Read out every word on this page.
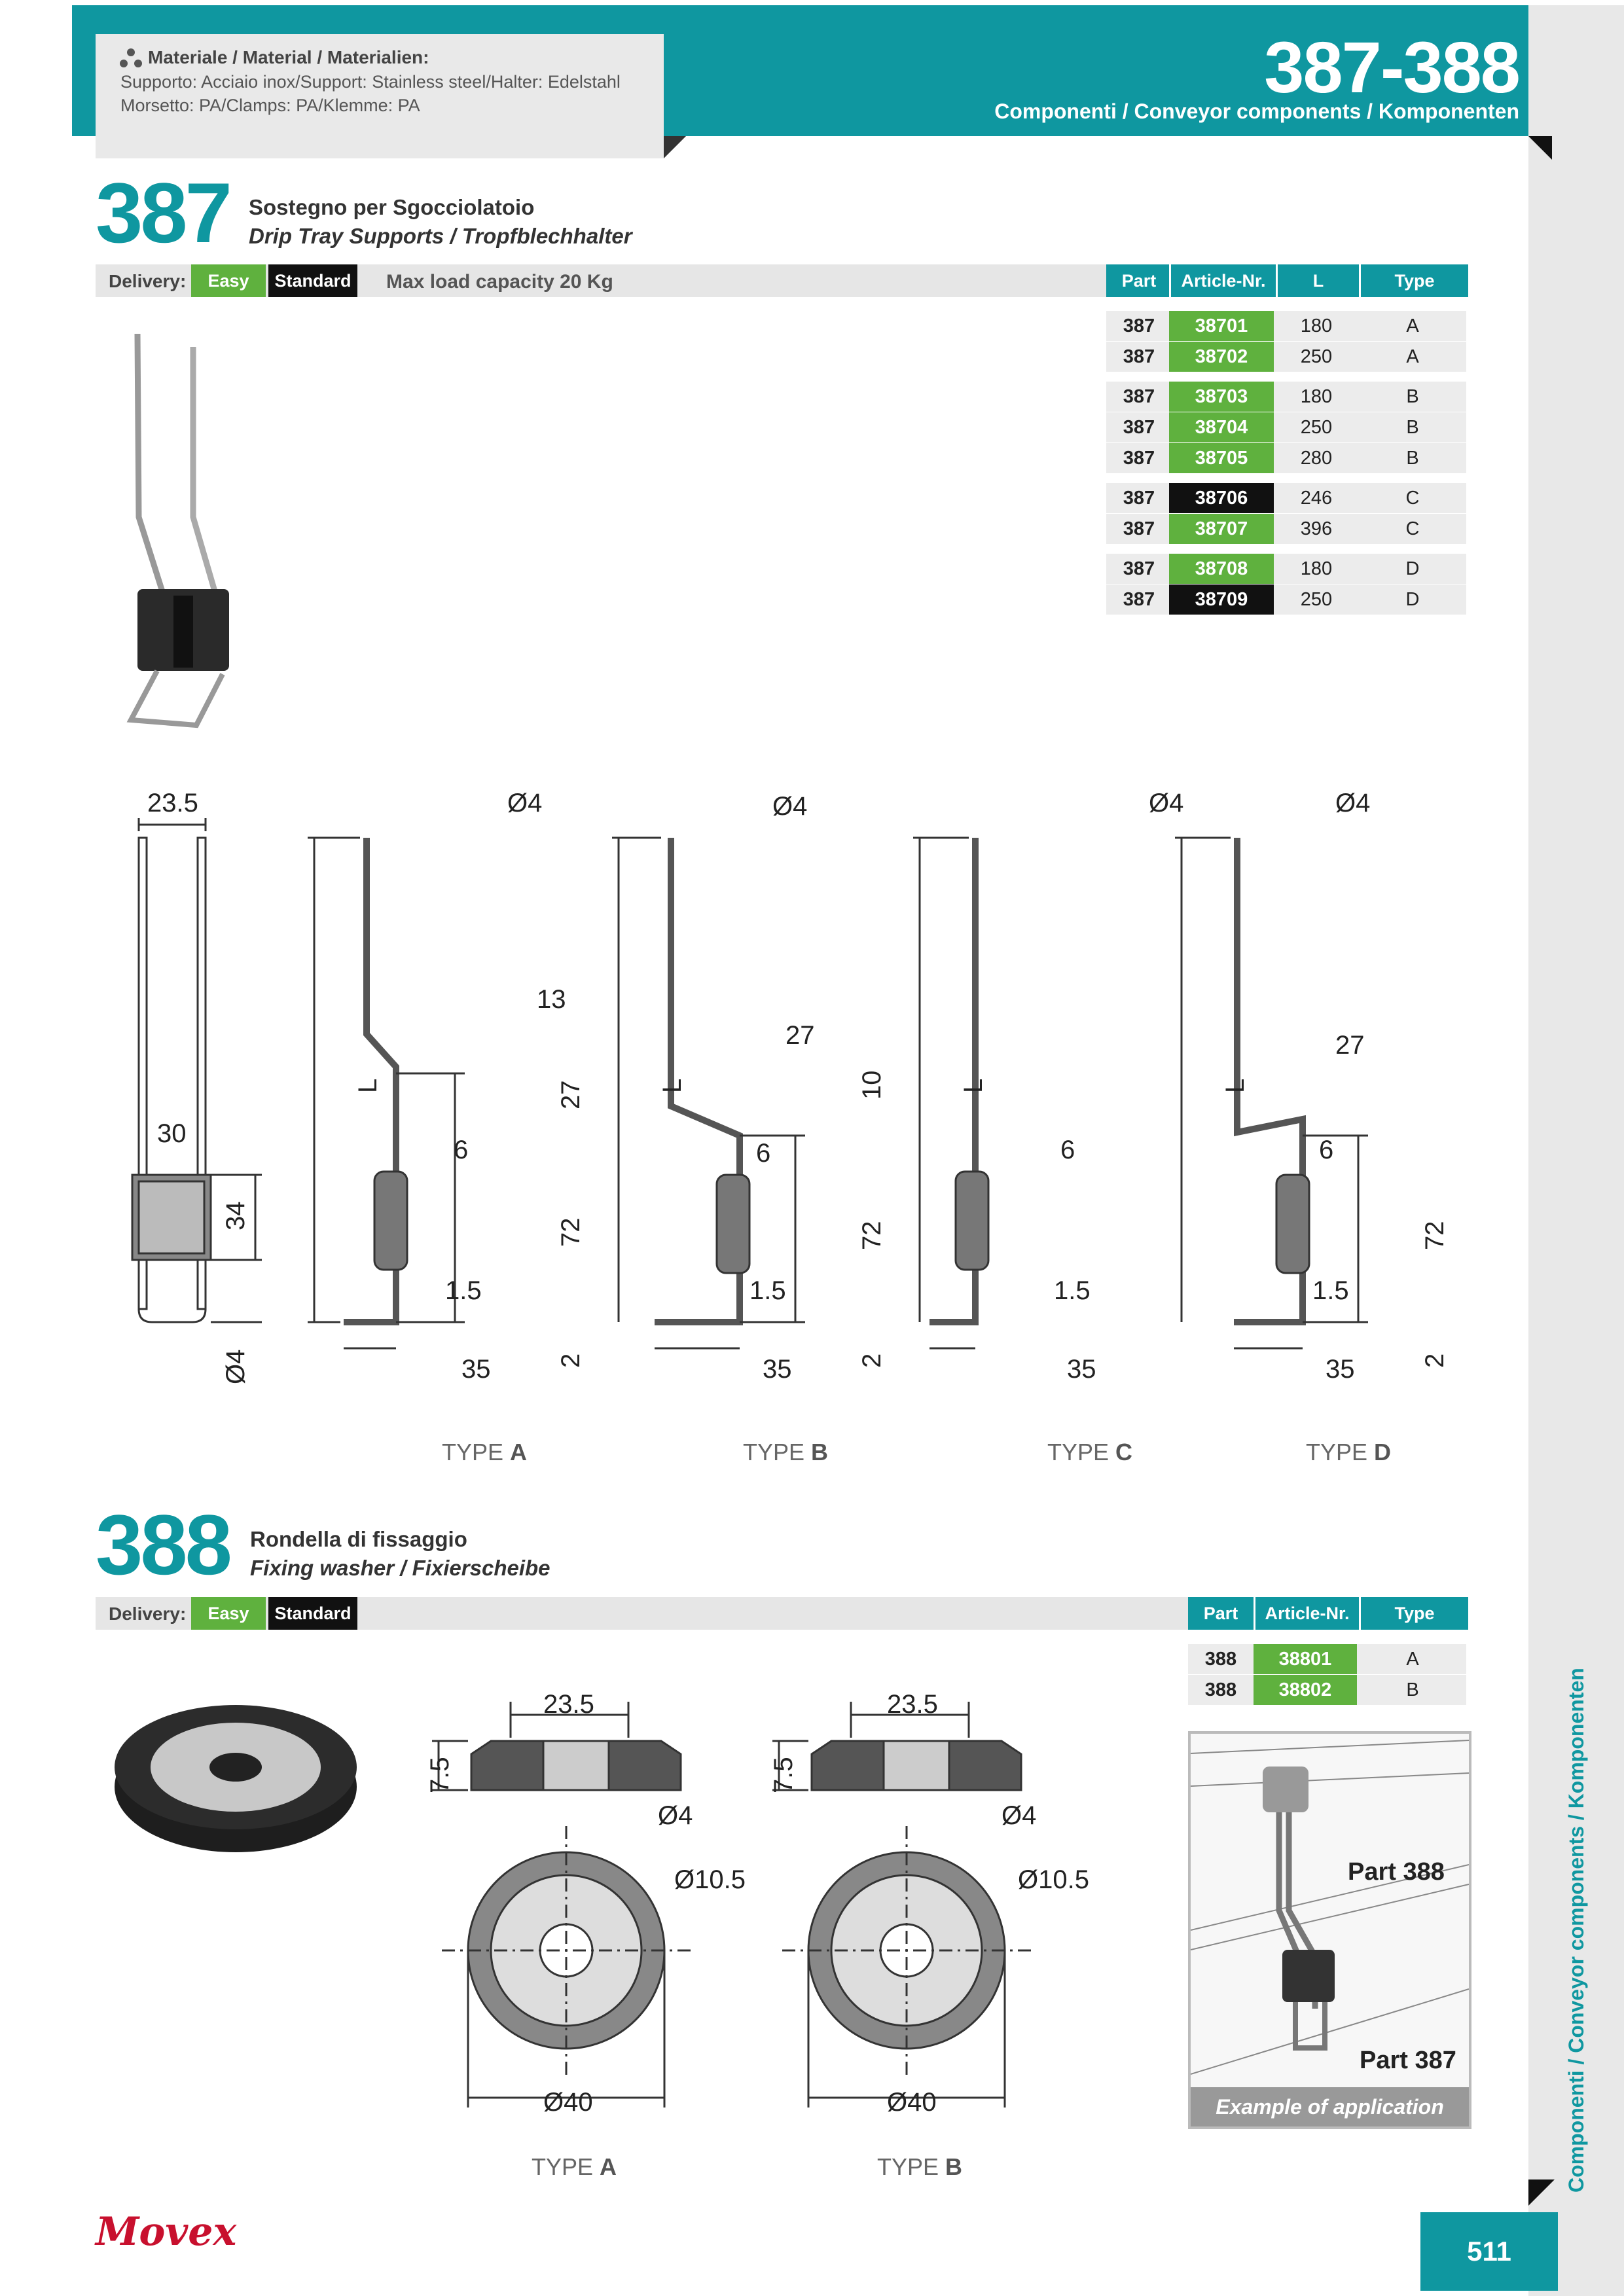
Materiale / Material / Materialien:
Supporto: Acciaio inox/Support: Stainless steel/Halter: Edelstahl
Morsetto: PA/Clamps: PA/Klemme: PA	387-388
Componenti / Conveyor components / Komponenten
387 Sostegno per Sgocciolatoio
Drip Tray Supports / Tropfblechhalter
Delivery:	Easy	Standard	Max load capacity 20 Kg	Part	Article-Nr.	L	Type
387	38701	180	A
387	38702	250	A
387	38703	180	B
387	38704	250	B
387	38705	280	B
387	38706	246	C
387	38707	396	C
387	38708	180	D
387	38709	250	D
23.5
30
34
Ø4
Ø4
L
13
27
6
72
1.5
35	2
Ø4
L
27
10
6
72
1.5
35	2
Ø4
L
6
1.5
35
Ø4
L
27
6
72
1.5
35	2
TYPE A	TYPE B	TYPE C	TYPE D
388 Rondella di fissaggio
Fixing washer / Fixierscheibe
Delivery:	Easy	Standard	Part	Article-Nr.	Type
388	38801	A
388	38802	B
23.5
7.5
Ø4
Ø10.5
Ø40
23.5
7.5
Ø4
Ø10.5
Ø40
TYPE A	TYPE B
Part 388
Part 387
Example of application	Componenti / Conveyor components / Komponenten
Movex	511
